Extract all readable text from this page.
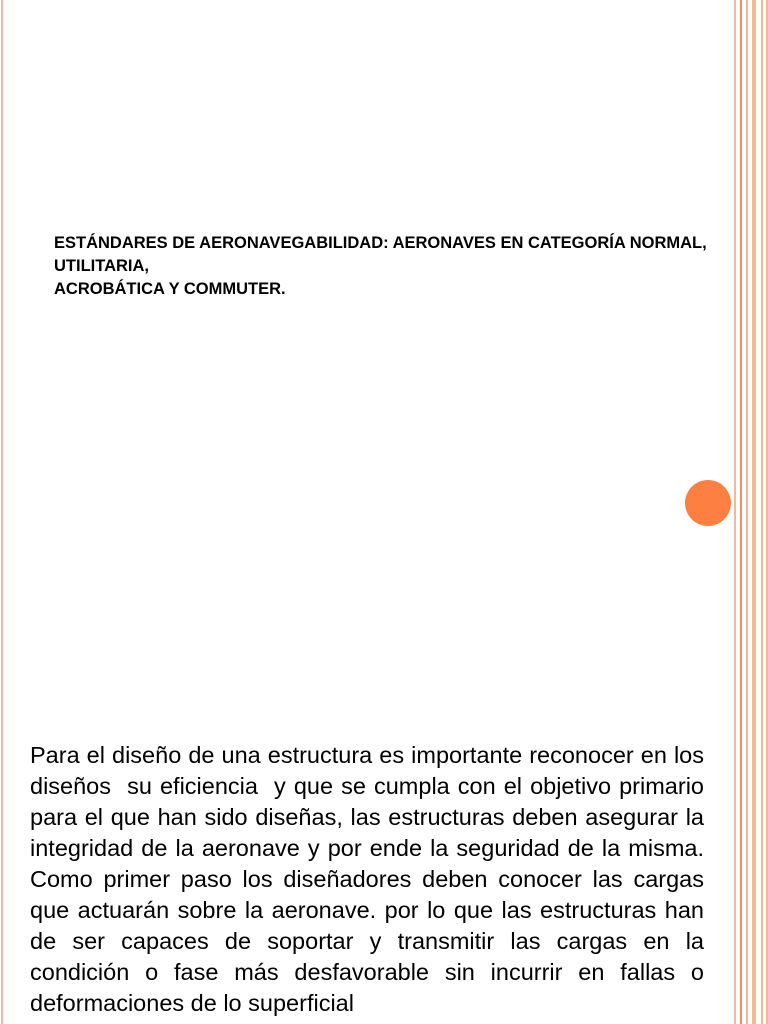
ESTÁNDARES DE AERONAVEGABILIDAD: AERONAVES EN CATEGORÍA NORMAL, UTILITARIA,
ACROBÁTICA Y COMMUTER.
Para el diseño de una estructura es importante reconocer en los diseños  su eficiencia  y que se cumpla con el objetivo primario para el que han sido diseñas, las estructuras deben asegurar la integridad de la aeronave y por ende la seguridad de la misma. Como primer paso los diseñadores deben conocer las cargas que actuarán sobre la aeronave. por lo que las estructuras han de ser capaces de soportar y transmitir las cargas en la condición o fase más desfavorable sin incurrir en fallas o deformaciones de lo superficial
